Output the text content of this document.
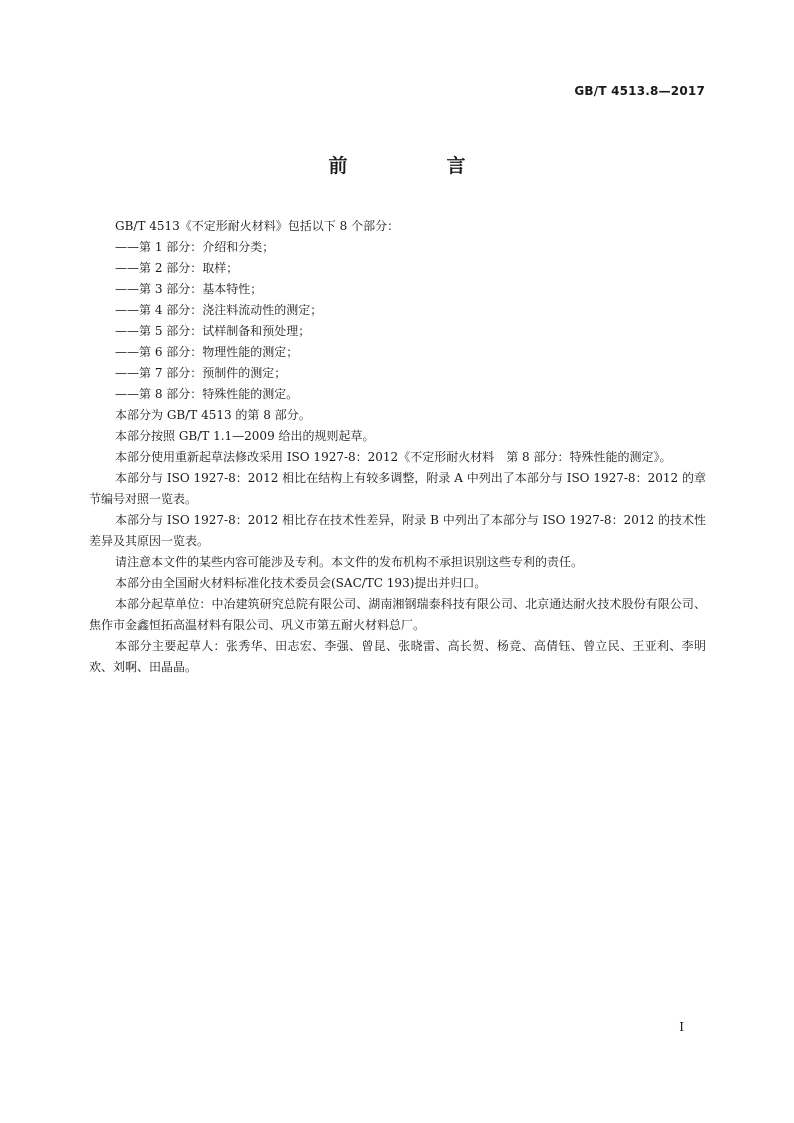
GB/T 4513.8—2017
前　言

GB/T 4513《不定形耐火材料》包括以下 8 个部分：

——第 1 部分：介绍和分类；
——第 2 部分：取样；
——第 3 部分：基本特性；
——第 4 部分：浇注料流动性的测定；
——第 5 部分：试样制备和预处理；
——第 6 部分：物理性能的测定；
——第 7 部分：预制件的测定；
——第 8 部分：特殊性能的测定。

本部分为 GB/T 4513 的第 8 部分。

本部分按照 GB/T 1.1—2009 给出的规则起草。

本部分使用重新起草法修改采用 ISO 1927-8：2012《不定形耐火材料　第 8 部分：特殊性能的测定》。

本部分与 ISO 1927-8：2012 相比在结构上有较多调整，附录 A 中列出了本部分与 ISO 1927-8：2012 的章节编号对照一览表。

本部分与 ISO 1927-8：2012 相比存在技术性差异，附录 B 中列出了本部分与 ISO 1927-8：2012 的技术性差异及其原因一览表。

请注意本文件的某些内容可能涉及专利。本文件的发布机构不承担识别这些专利的责任。

本部分由全国耐火材料标准化技术委员会(SAC/TC 193)提出并归口。

本部分起草单位：中冶建筑研究总院有限公司、湖南湘钢瑞泰科技有限公司、北京通达耐火技术股份有限公司、焦作市金鑫恒拓高温材料有限公司、巩义市第五耐火材料总厂。

本部分主要起草人：张秀华、田志宏、李强、曾昆、张晓雷、高长贺、杨竞、高倩钰、曾立民、王亚利、李明欢、刘啊、田晶晶。

I
